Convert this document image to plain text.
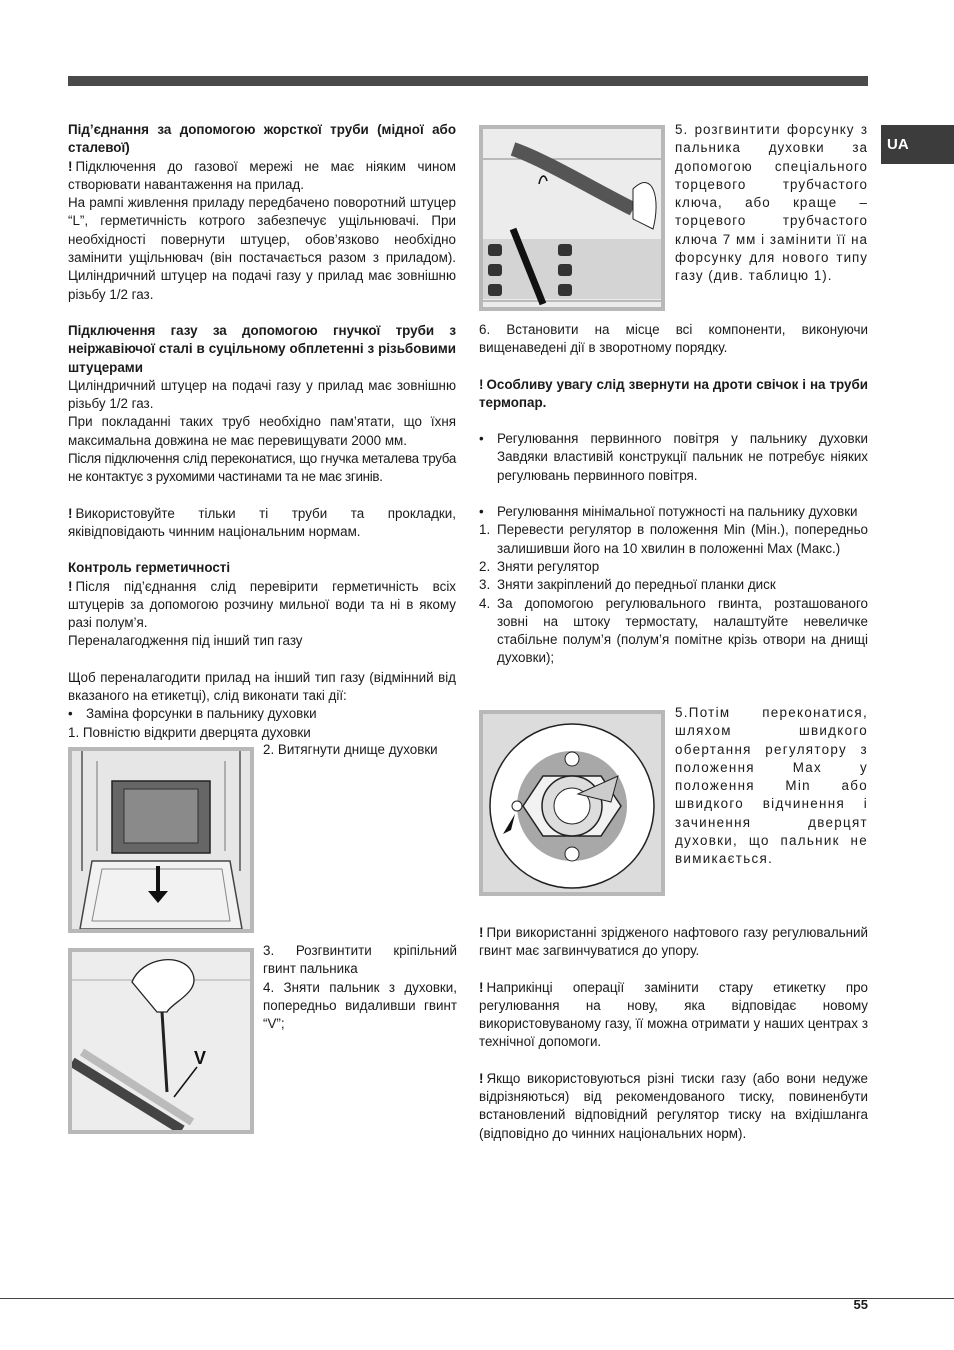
UA

Під’єднання за допомогою жорсткої труби (мідної або сталевої)

! Підключення до газової мережі не має ніяким чином створювати навантаження на прилад.

На рампі живлення приладу передбачено поворотний штуцер “L”, герметичність котрого забезпечує ущільнювачі. При необхідності повернути штуцер, обов’язково необхідно замінити ущільнювач (він постачається разом з приладом). Циліндричний штуцер на подачі газу у прилад має зовнішню різьбу 1/2 газ.

Підключення газу за допомогою гнучкої труби з неіржавіючої сталі в суцільному обплетенні з різьбовими штуцерами

Циліндричний штуцер на подачі газу у прилад має зовнішню різьбу 1/2 газ.

При покладанні таких труб необхідно пам’ятати, що їхня максимальна довжина не має перевищувати 2000 мм.

Після підключення слід переконатися, що гнучка металева труба не контактує з рухомими частинами та не має згинів.

! Використовуйте тільки ті труби та прокладки, яківідповідають чинним національним нормам.

Контроль герметичності

! Після під’єднання слід перевірити герметичність всіх штуцерів за допомогою розчину мильної води та ні в якому разі полум’я.

Переналагодження під інший тип газу

Щоб переналагодити прилад на інший тип газу (відмінний від вказаного на етикетці), слід виконати такі дії:

• Заміна форсунки в пальнику духовки

1. Повністю відкрити дверцята духовки

2. Витягнути днище духовки
V

3. Розгвинтити кріпільний гвинт пальника

4. Зняти пальник з духовки, попередньо видаливши гвинт “V”;

5. розгвинтити форсунку з пальника духовки за допомогою спеціального торцевого трубчастого ключа, або краще – торцевого трубчастого ключа 7 мм і замінити її на форсунку для нового типу газу (див. таблицю 1).

6. Встановити на місце всі компоненти, виконуючи вищенаведені дії в зворотному порядку.

! Особливу увагу слід звернути на дроти свічок і на труби термопар.

• Регулювання первинного повітря у пальнику духовки Завдяки властивій конструкції пальник не потребує ніяких регулювань первинного повітря.
• Регулювання мінімальної потужності на пальнику духовки
1. Перевести регулятор в положення Min (Мін.), попередньо залишивши його на 10 хвилин в положенні Max (Макс.)
2. Зняти регулятор
3. Зняти закріплений до передньої планки диск
4. За допомогою регулювального гвинта, розташованого зовні на штоку термостату, налаштуйте невеличке стабільне полум’я (полум’я помітне крізь отвори на днищі духовки);
5.Потім переконатися, шляхом швидкого обертання регулятору з положення Max у положення Min або швидкого відчинення і зачинення дверцят духовки, що пальник не вимикається.

! При використанні зрідженого нафтового газу регулювальний гвинт має загвинчуватися до упору.

! Наприкінці операції замінити стару етикетку про регулювання на нову, яка відповідає новому використовуваному газу, її можна отримати у наших центрах з технічної допомоги.

! Якщо використовуються різні тиски газу (або вони недуже відрізняються) від рекомендованого тиску, повиненбути встановлений відповідний регулятор тиску на вхідішланга (відповідно до чинних національних норм).

55
